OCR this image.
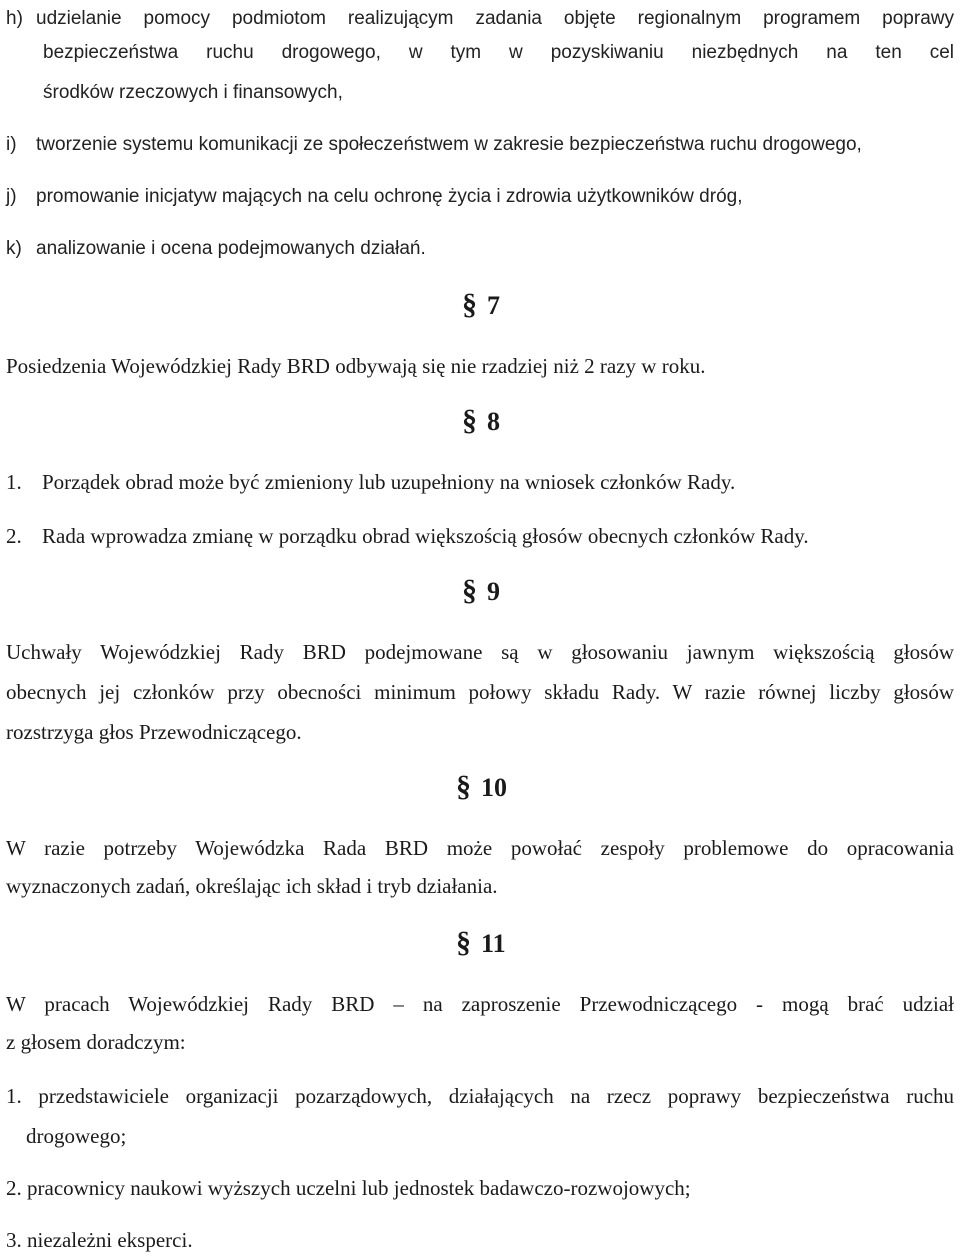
h) udzielanie pomocy podmiotom realizującym zadania objęte regionalnym programem poprawy
bezpieczeństwa ruchu drogowego, w tym w pozyskiwaniu niezbędnych na ten cel
środków rzeczowych i finansowych,
i) tworzenie systemu komunikacji ze społeczeństwem w zakresie bezpieczeństwa ruchu drogowego,
j) promowanie inicjatyw mających na celu ochronę życia i zdrowia użytkowników dróg,
k) analizowanie i ocena podejmowanych działań.
§ 7
Posiedzenia Wojewódzkiej Rady BRD odbywają się nie rzadziej niż 2 razy w roku.
§ 8
1. Porządek obrad może być zmieniony lub uzupełniony na wniosek członków Rady.
2. Rada wprowadza zmianę w porządku obrad większością głosów obecnych członków Rady.
§ 9
Uchwały Wojewódzkiej Rady BRD podejmowane są w głosowaniu jawnym większością głosów
obecnych jej członków przy obecności minimum połowy składu Rady. W razie równej liczby głosów
rozstrzyga głos Przewodniczącego.
§ 10
W razie potrzeby Wojewódzka Rada BRD może powołać zespoły problemowe do opracowania
wyznaczonych zadań, określając ich skład i tryb działania.
§ 11
W pracach Wojewódzkiej Rady BRD – na zaproszenie Przewodniczącego - mogą brać udział
z głosem doradczym:
1. przedstawiciele organizacji pozarządowych, działających na rzecz poprawy bezpieczeństwa ruchu
drogowego;
2. pracownicy naukowi wyższych uczelni lub jednostek badawczo-rozwojowych;
3. niezależni eksperci.
